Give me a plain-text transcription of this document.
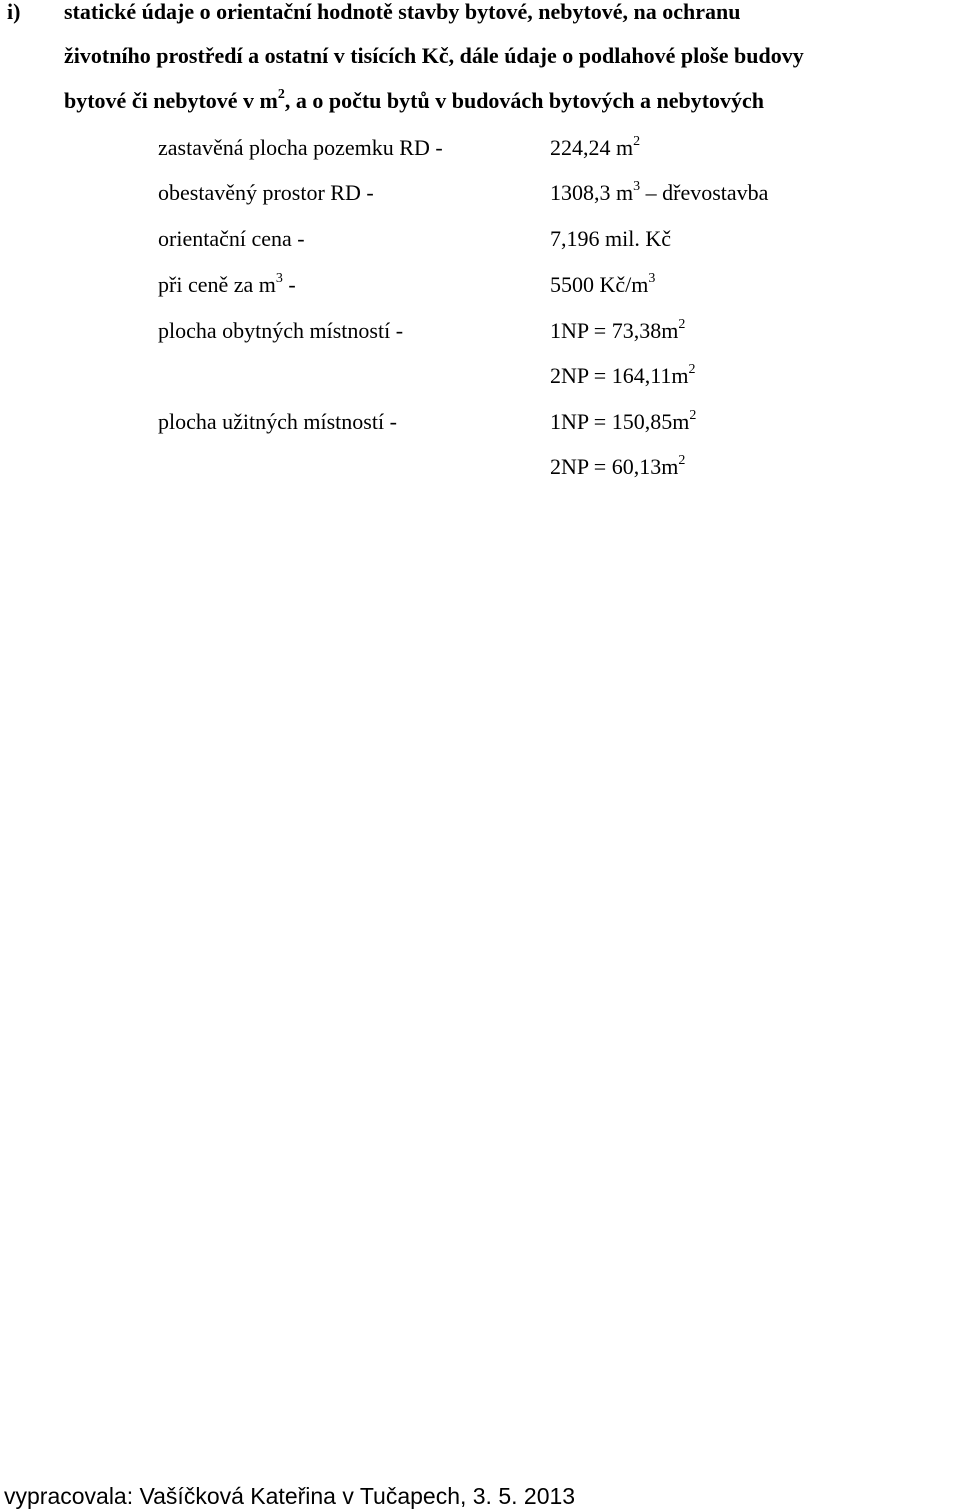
i) statické údaje o orientační hodnotě stavby bytové, nebytové, na ochranu
životního prostředí a ostatní v tisících Kč, dále údaje o podlahové ploše budovy
bytové či nebytové v $m^2$, a o počtu bytů v budovách bytových a nebytových
zastavěná plocha pozemku RD -	224,24 $m^2$
obestavěný prostor RD -	1308,3 $m^3$ – dřevostavba
orientační cena -	7,196 mil. Kč
při ceně za $m^3$ -	5500 $Kč/m^3$
plocha obytných místností -	$1NP = 73,38m^2$
$2NP = 164,11m^2$
plocha užitných místností -	$1NP = 150,85m^2$
$2NP = 60,13m^2$
vypracovala: Vašíčková Kateřina v Tučapech, 3. 5. 2013
